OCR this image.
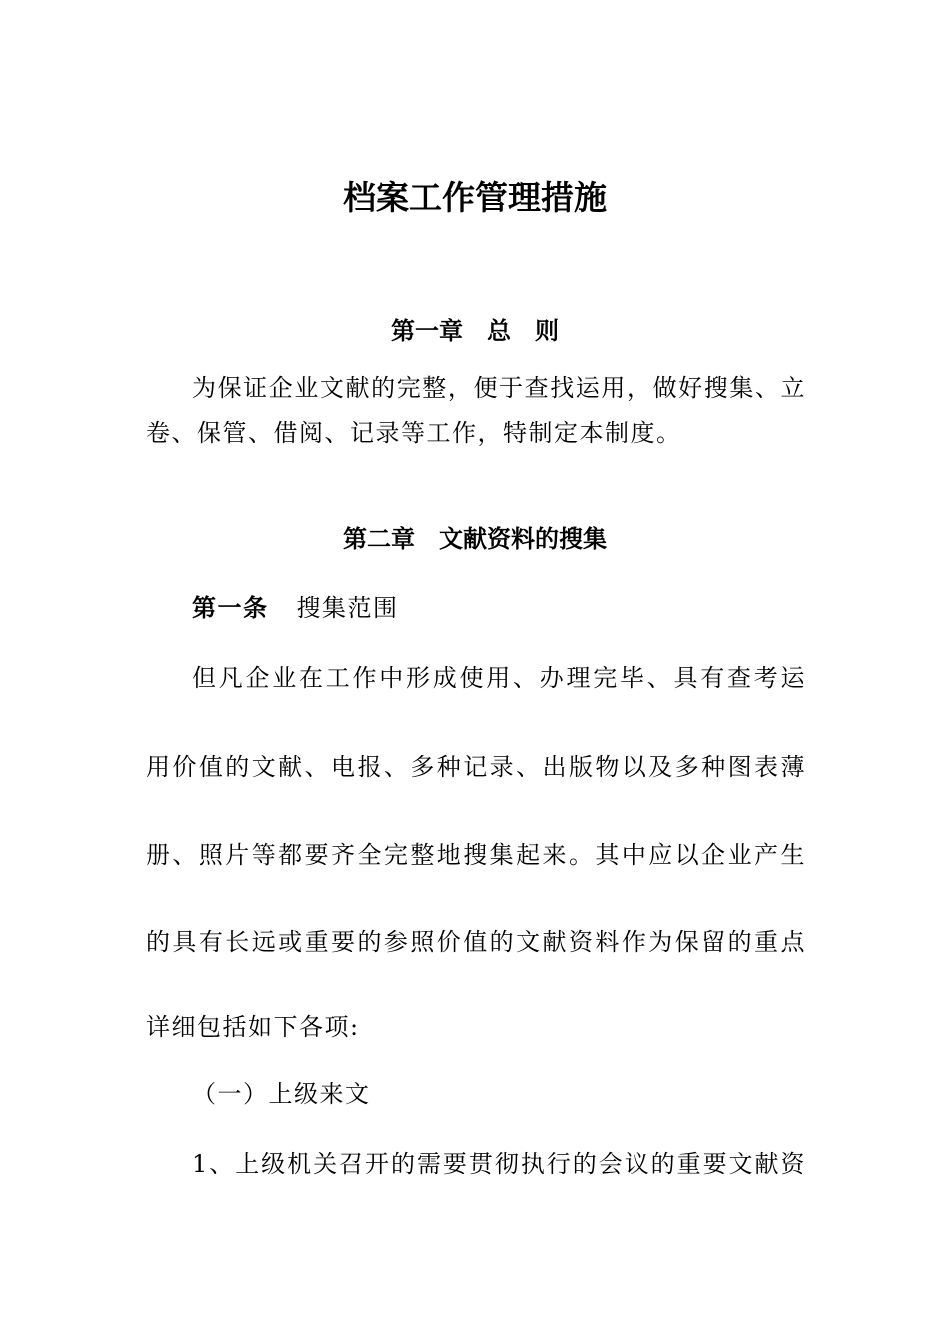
档案工作管理措施
第一章　总　则
为保证企业文献的完整，便于查找运用，做好搜集、立
卷、保管、借阅、记录等工作，特制定本制度。
第二章　文献资料的搜集
第一条 搜集范围
但凡企业在工作中形成使用、办理完毕、具有查考运
用价值的文献、电报、多种记录、出版物以及多种图表薄
册、照片等都要齐全完整地搜集起来。其中应以企业产生
的具有长远或重要的参照价值的文献资料作为保留的重点
详细包括如下各项:
（一）上级来文
1、上级机关召开的需要贯彻执行的会议的重要文献资
